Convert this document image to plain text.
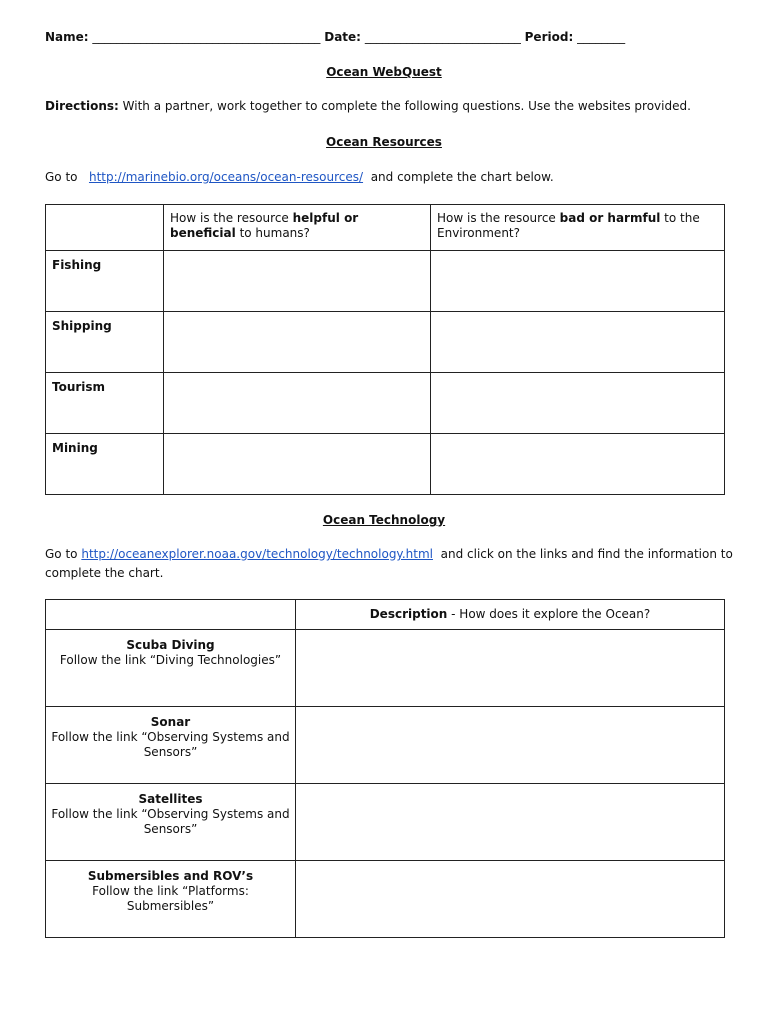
Name: ______________________________________ Date: __________________________ Period: ________
Ocean WebQuest
Directions: With a partner, work together to complete the following questions. Use the websites provided.
Ocean Resources
Go to http://marinebio.org/oceans/ocean-resources/ and complete the chart below.
	How is the resource helpful or beneficial to humans?	How is the resource bad or harmful to the Environment?
Fishing		
Shipping		
Tourism		
Mining		
Ocean Technology
Go to http://oceanexplorer.noaa.gov/technology/technology.html and click on the links and find the information to
complete the chart.
	Description - How does it explore the Ocean?

Scuba Diving
Follow the link “Diving Technologies”	

Sonar
Follow the link “Observing Systems and
Sensors”	

Satellites
Follow the link “Observing Systems and
Sensors”	

Submersibles and ROV’s
Follow the link “Platforms: Submersibles”	
